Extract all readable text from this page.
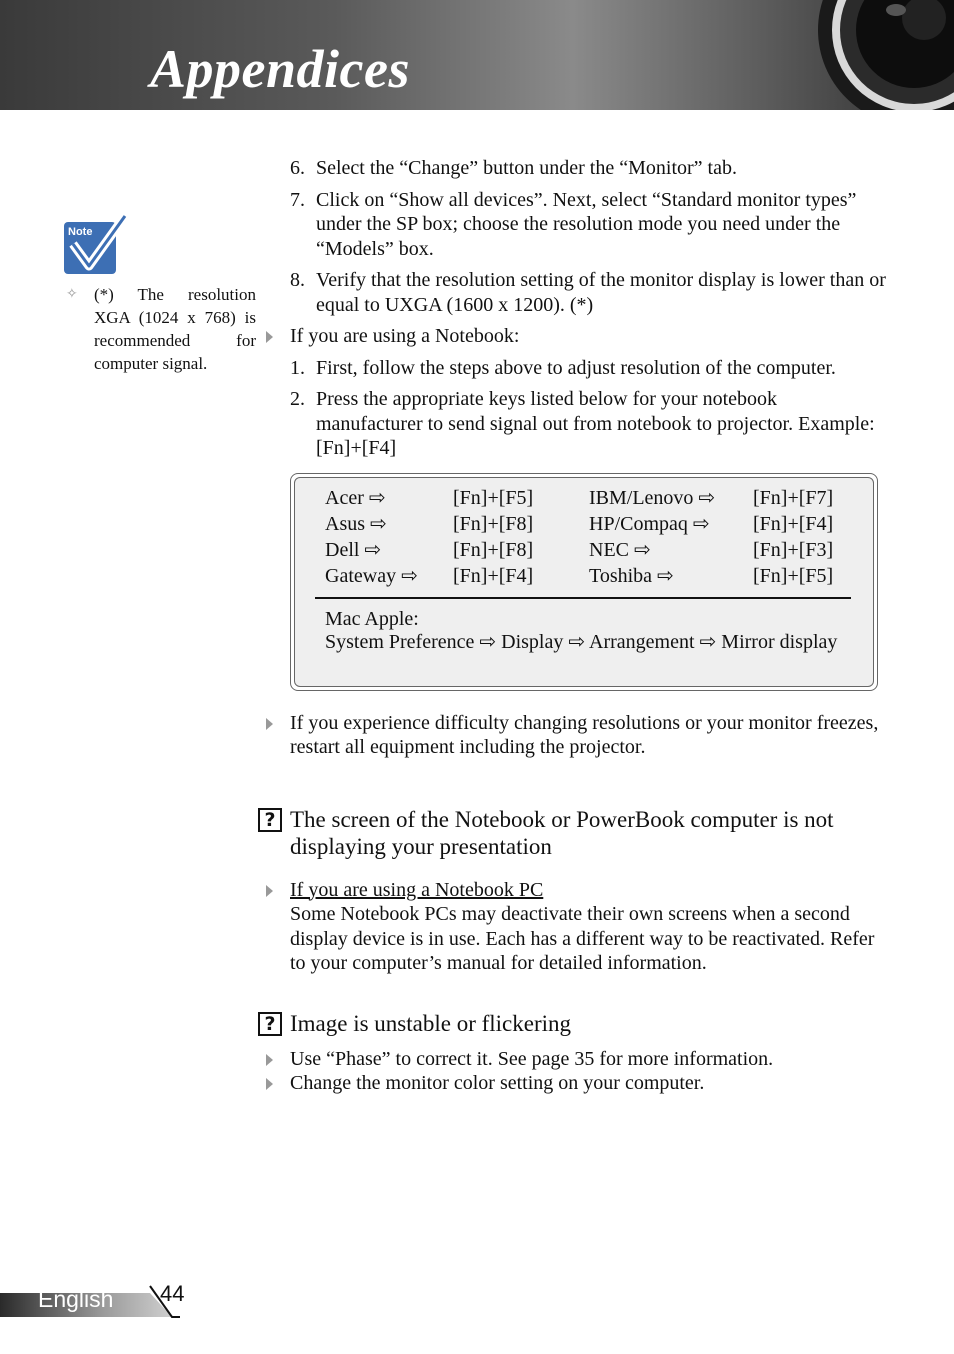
Appendices
Note
✧ (*) The resolution XGA (1024 x 768) is recommended for computer signal.
6. Select the “Change” button under the “Monitor” tab.
7. Click on “Show all devices”. Next, select “Standard monitor types” under the SP box; choose the resolution mode you need under the “Models” box.
8. Verify that the resolution setting of the monitor display is lower than or equal to UXGA (1600 x 1200). (*)
If you are using a Notebook:
1. First, follow the steps above to adjust resolution of the computer.
2. Press the appropriate keys listed below for your notebook manufacturer to send signal out from notebook to projector. Example: [Fn]+[F4]
Acer ⇨	[Fn]+[F5]	IBM/Lenovo ⇨ [Fn]+[F7]
Asus ⇨	[Fn]+[F8]	HP/Compaq ⇨ [Fn]+[F4]
Dell ⇨	[Fn]+[F8]	NEC ⇨	[Fn]+[F3]
Gateway ⇨ [Fn]+[F4]	Toshiba ⇨	[Fn]+[F5]
Mac Apple:
System Preference ⇨ Display ⇨ Arrangement ⇨ Mirror display
If you experience difficulty changing resolutions or your monitor freezes, restart all equipment including the projector.
? The screen of the Notebook or PowerBook computer is not displaying your presentation
If you are using a Notebook PC
Some Notebook PCs may deactivate their own screens when a second display device is in use. Each has a different way to be reactivated. Refer to your computer’s manual for detailed information.
? Image is unstable or flickering
Use “Phase” to correct it. See page 35 for more information.
Change the monitor color setting on your computer.
English 44
